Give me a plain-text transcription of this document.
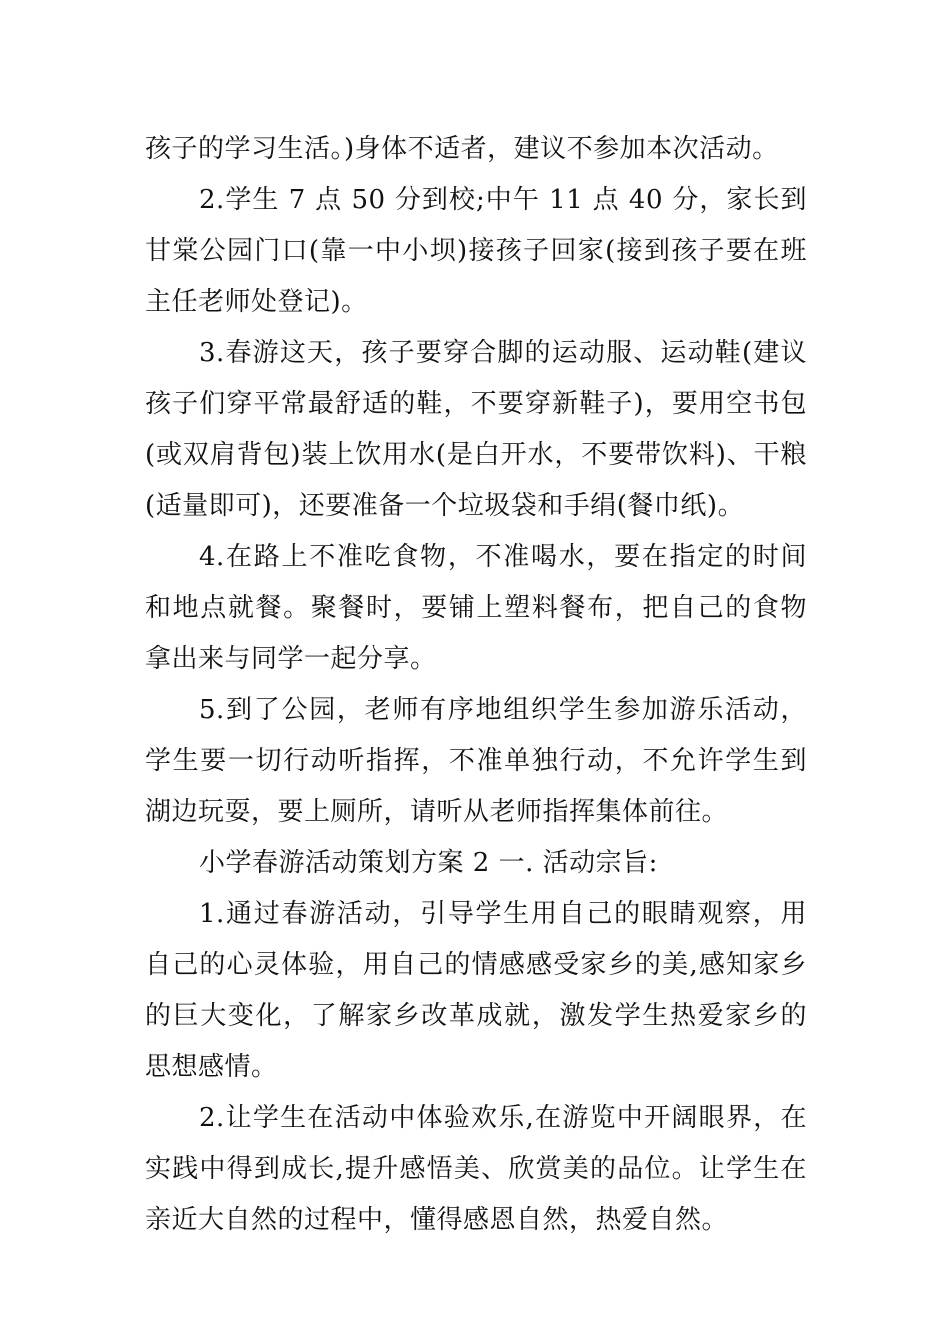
孩子的学习生活。)身体不适者，建议不参加本次活动。

2.学生 7 点 50 分到校;中午 11 点 40 分，家长到甘棠公园门口(靠一中小坝)接孩子回家(接到孩子要在班主任老师处登记)。

3.春游这天，孩子要穿合脚的运动服、运动鞋(建议孩子们穿平常最舒适的鞋，不要穿新鞋子)，要用空书包(或双肩背包)装上饮用水(是白开水，不要带饮料)、干粮(适量即可)，还要准备一个垃圾袋和手绢(餐巾纸)。

4.在路上不准吃食物，不准喝水，要在指定的时间和地点就餐。聚餐时，要铺上塑料餐布，把自己的食物拿出来与同学一起分享。

5.到了公园，老师有序地组织学生参加游乐活动，学生要一切行动听指挥，不准单独行动，不允许学生到湖边玩耍，要上厕所，请听从老师指挥集体前往。

小学春游活动策划方案 2 一. 活动宗旨:

1.通过春游活动，引导学生用自己的眼睛观察，用自己的心灵体验，用自己的情感感受家乡的美,感知家乡的巨大变化，了解家乡改革成就，激发学生热爱家乡的思想感情。

2.让学生在活动中体验欢乐,在游览中开阔眼界，在实践中得到成长,提升感悟美、欣赏美的品位。让学生在亲近大自然的过程中，懂得感恩自然，热爱自然。
